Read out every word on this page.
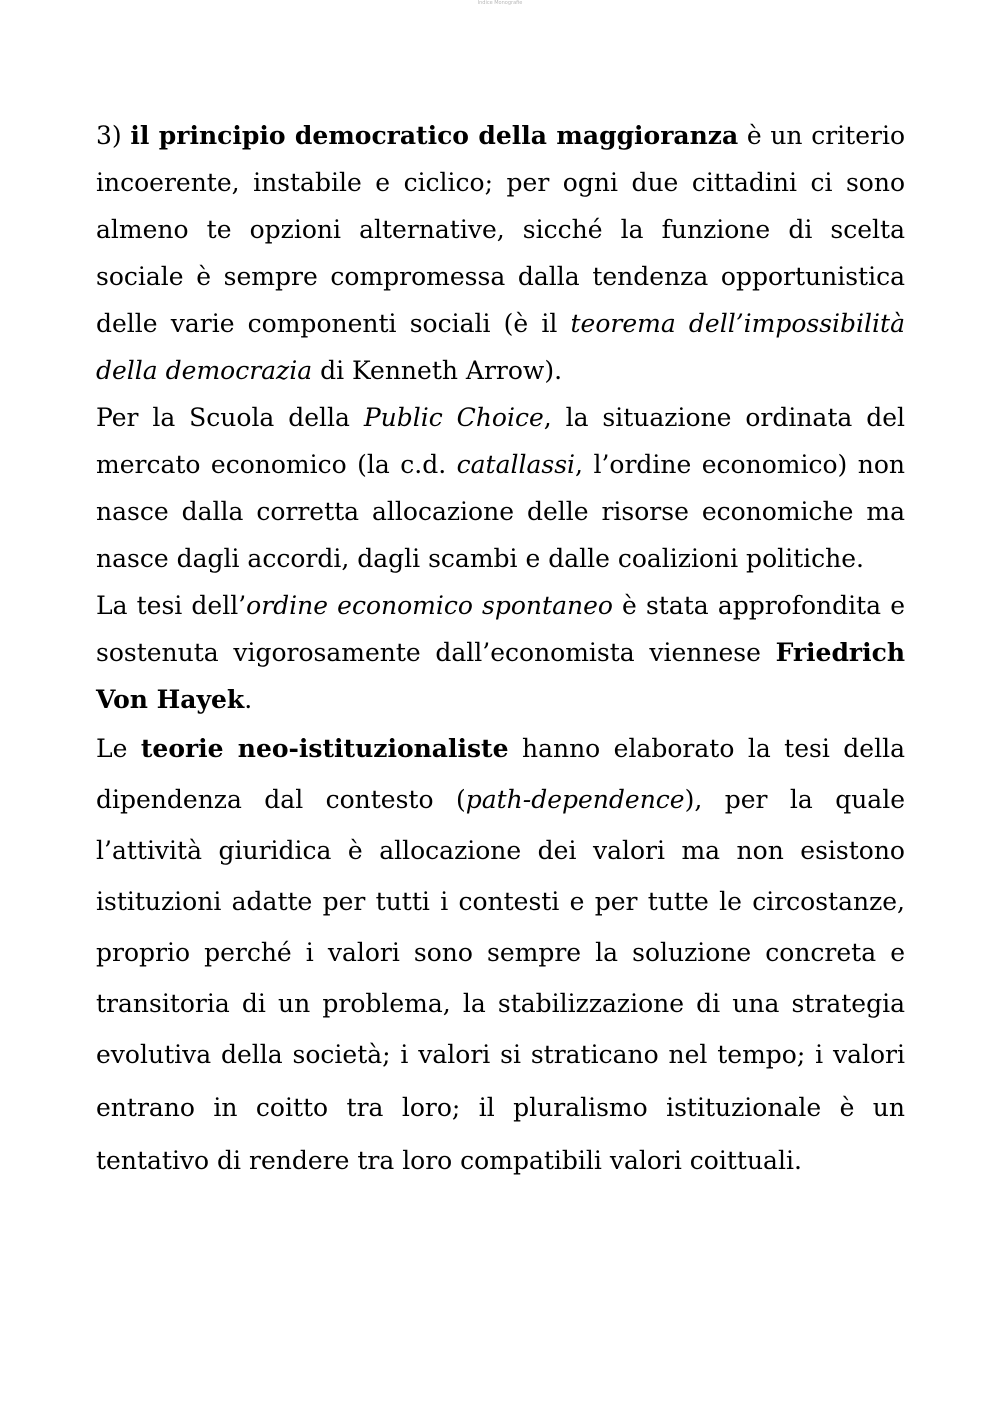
Indice Monografie

3) il principio democratico della maggioranza è un criterio incoerente, instabile e ciclico; per ogni due cittadini ci sono almeno te opzioni alternative, sicché la funzione di scelta sociale è sempre compromessa dalla tendenza opportunistica delle varie componenti sociali (è il teorema dell’impossibilità della democrazia di Kenneth Arrow).

Per la Scuola della Public Choice, la situazione ordinata del mercato economico (la c.d. catallassi, l’ordine economico) non nasce dalla corretta allocazione delle risorse economiche ma nasce dagli accordi, dagli scambi e dalle coalizioni politiche.

La tesi dell’ordine economico spontaneo è stata approfondita e sostenuta vigorosamente dall’economista viennese Friedrich Von Hayek.

Le teorie neo-istituzionaliste hanno elaborato la tesi della dipendenza dal contesto (path-dependence), per la quale l’attività giuridica è allocazione dei valori ma non esistono istituzioni adatte per tutti i contesti e per tutte le circostanze, proprio perché i valori sono sempre la soluzione concreta e transitoria di un problema, la stabilizzazione di una strategia evolutiva della società; i valori si straticano nel tempo; i valori entrano in coitto tra loro; il pluralismo istituzionale è un tentativo di rendere tra loro compatibili valori coittuali.
